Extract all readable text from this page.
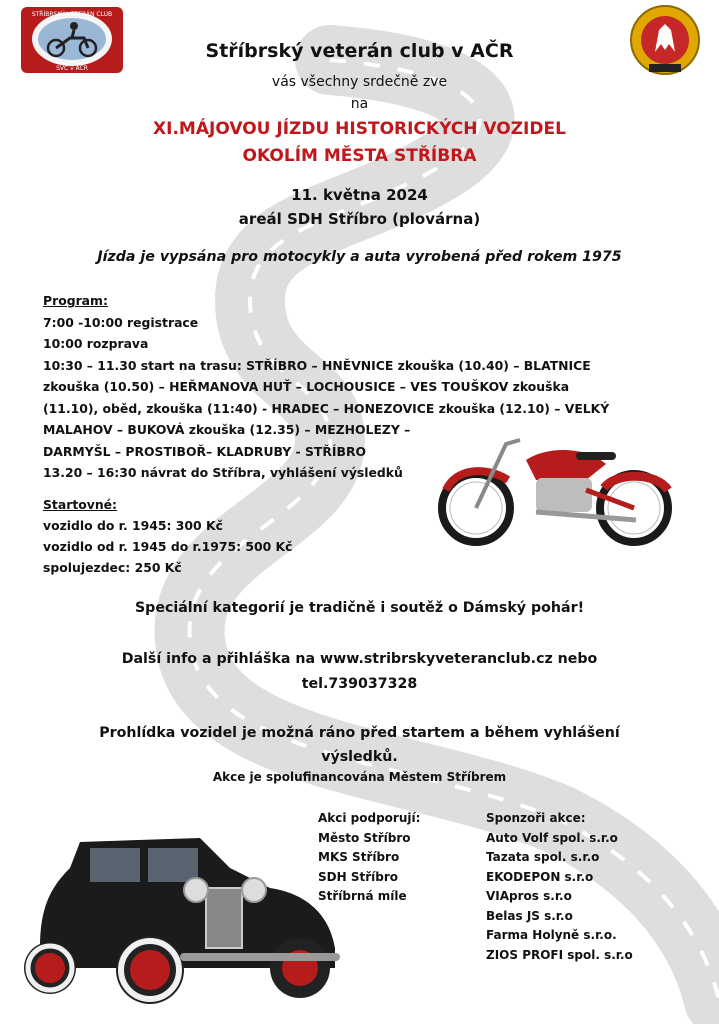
STŘÍBRSKÝ VETERÁN CLUB
SVC v AČR
Stříbrský veterán club v AČR
vás všechny srdečně zve
na
XI.MÁJOVOU JÍZDU HISTORICKÝCH VOZIDEL
OKOLÍM MĚSTA STŘÍBRA
11. května 2024
areál SDH Stříbro (plovárna)
Jízda je vypsána pro motocykly a auta vyrobená před rokem 1975
Program:
7:00 -10:00 registrace
10:00 rozprava
10:30 – 11.30 start na trasu: STŘÍBRO – HNĚVNICE zkouška (10.40) – BLATNICE
zkouška (10.50) – HEŘMANOVA HUŤ – LOCHOUSICE – VES TOUŠKOV zkouška
(11.10), oběd, zkouška (11:40) - HRADEC – HONEZOVICE zkouška (12.10) – VELKÝ
MALAHOV – BUKOVÁ zkouška (12.35) – MEZHOLEZY –
DARMYŠL – PROSTIBOŘ– KLADRUBY - STŘÍBRO
13.20 – 16:30 návrat do Stříbra, vyhlášení výsledků
Startovné:
vozidlo do r. 1945: 300 Kč
vozidlo od r. 1945 do r.1975: 500 Kč
spolujezdec: 250 Kč
Speciální kategorií je tradičně i soutěž o Dámský pohár!
Další info a přihláška na www.stribrskyveteranclub.cz nebo
tel.739037328
Prohlídka vozidel je možná ráno před startem a během vyhlášení
výsledků.
Akce je spolufinancována Městem Stříbrem
Akci podporují:
Město Stříbro
MKS Stříbro
SDH Stříbro
Stříbrná míle
Sponzoři akce:
Auto Volf spol. s.r.o
Tazata spol. s.r.o
EKODEPON s.r.o
VIApros s.r.o
Belas JS s.r.o
Farma Holyně s.r.o.
ZIOS PROFI spol. s.r.o
